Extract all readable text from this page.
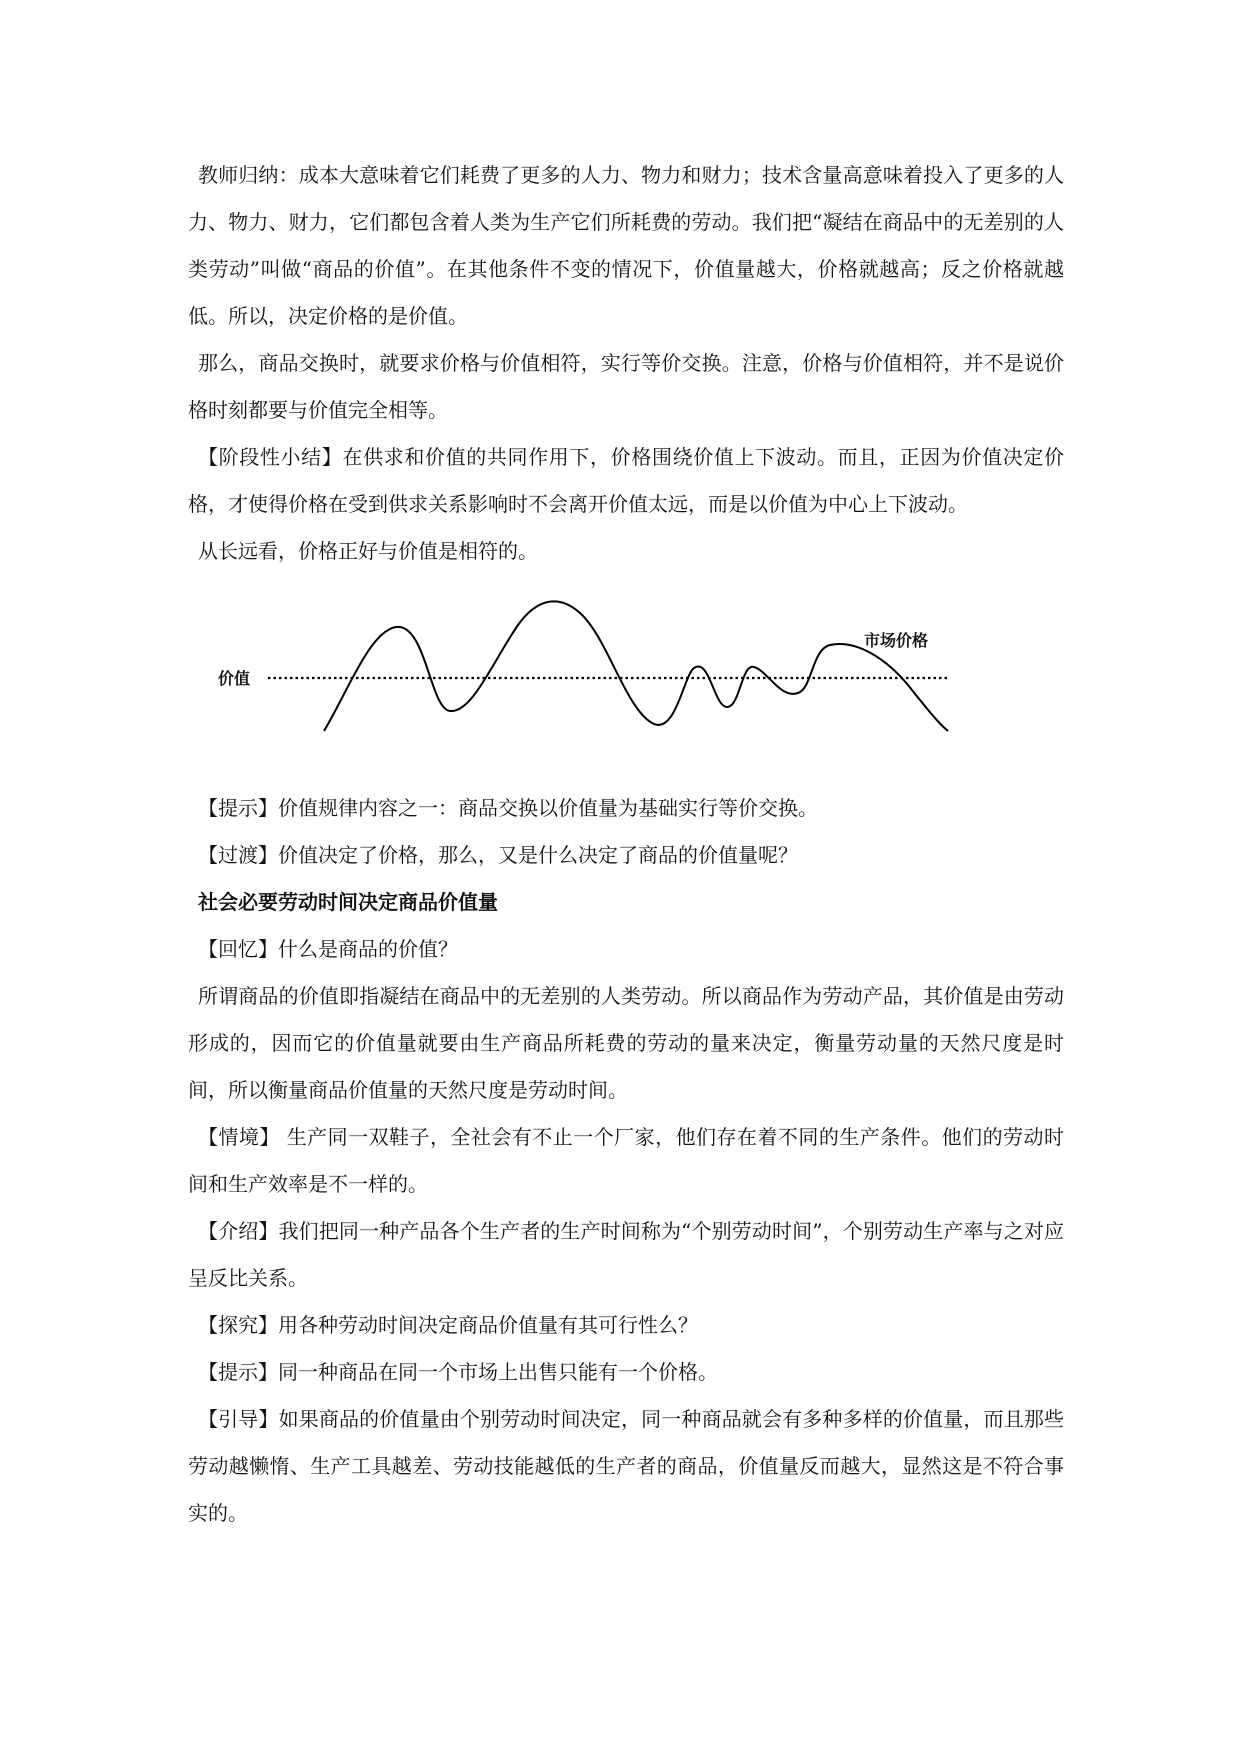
教师归纳：成本大意味着它们耗费了更多的人力、物力和财力；技术含量高意味着投入了更多的人力、物力、财力，它们都包含着人类为生产它们所耗费的劳动。我们把“凝结在商品中的无差别的人类劳动”叫做“商品的价值”。在其他条件不变的情况下，价值量越大，价格就越高；反之价格就越低。所以，决定价格的是价值。

那么，商品交换时，就要求价格与价值相符，实行等价交换。注意，价格与价值相符，并不是说价格时刻都要与价值完全相等。

【阶段性小结】在供求和价值的共同作用下，价格围绕价值上下波动。而且，正因为价值决定价格，才使得价格在受到供求关系影响时不会离开价值太远，而是以价值为中心上下波动。

从长远看，价格正好与价值是相符的。

价值
市场价格

【提示】价值规律内容之一：商品交换以价值量为基础实行等价交换。

【过渡】价值决定了价格，那么，又是什么决定了商品的价值量呢？

社会必要劳动时间决定商品价值量

【回忆】什么是商品的价值？

所谓商品的价值即指凝结在商品中的无差别的人类劳动。所以商品作为劳动产品，其价值是由劳动形成的，因而它的价值量就要由生产商品所耗费的劳动的量来决定，衡量劳动量的天然尺度是时间，所以衡量商品价值量的天然尺度是劳动时间。

【情境】 生产同一双鞋子，全社会有不止一个厂家，他们存在着不同的生产条件。他们的劳动时间和生产效率是不一样的。

【介绍】我们把同一种产品各个生产者的生产时间称为“个别劳动时间”，个别劳动生产率与之对应呈反比关系。

【探究】用各种劳动时间决定商品价值量有其可行性么？

【提示】同一种商品在同一个市场上出售只能有一个价格。

【引导】如果商品的价值量由个别劳动时间决定，同一种商品就会有多种多样的价值量，而且那些劳动越懒惰、生产工具越差、劳动技能越低的生产者的商品，价值量反而越大，显然这是不符合事实的。
